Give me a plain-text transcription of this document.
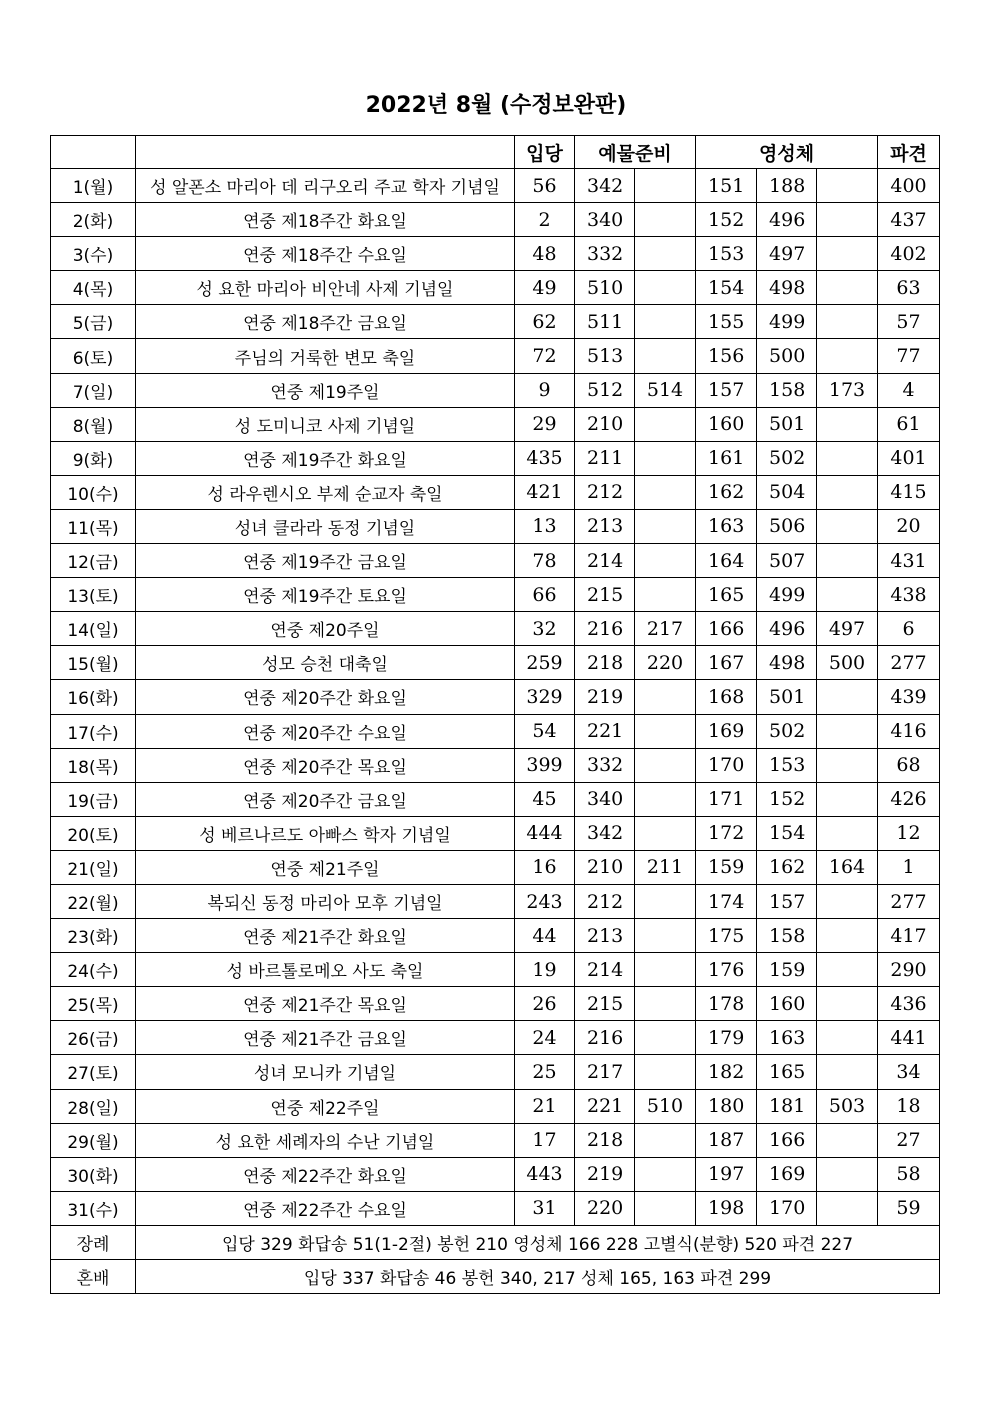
2022년 8월 (수정보완판)
		입당	예물준비		영성체			파견
1(월)	성 알폰소 마리아 데 리구오리 주교 학자 기념일	56	342		151	188		400
2(화)	연중 제18주간 화요일	2	340		152	496		437
3(수)	연중 제18주간 수요일	48	332		153	497		402
4(목)	성 요한 마리아 비안네 사제 기념일	49	510		154	498		63
5(금)	연중 제18주간 금요일	62	511		155	499		57
6(토)	주님의 거룩한 변모 축일	72	513		156	500		77
7(일)	연중 제19주일	9	512	514	157	158	173	4
8(월)	성 도미니코 사제 기념일	29	210		160	501		61
9(화)	연중 제19주간 화요일	435	211		161	502		401
10(수)	성 라우렌시오 부제 순교자 축일	421	212		162	504		415
11(목)	성녀 클라라 동정 기념일	13	213		163	506		20
12(금)	연중 제19주간 금요일	78	214		164	507		431
13(토)	연중 제19주간 토요일	66	215		165	499		438
14(일)	연중 제20주일	32	216	217	166	496	497	6
15(월)	성모 승천 대축일	259	218	220	167	498	500	277
16(화)	연중 제20주간 화요일	329	219		168	501		439
17(수)	연중 제20주간 수요일	54	221		169	502		416
18(목)	연중 제20주간 목요일	399	332		170	153		68
19(금)	연중 제20주간 금요일	45	340		171	152		426
20(토)	성 베르나르도 아빠스 학자 기념일	444	342		172	154		12
21(일)	연중 제21주일	16	210	211	159	162	164	1
22(월)	복되신 동정 마리아 모후 기념일	243	212		174	157		277
23(화)	연중 제21주간 화요일	44	213		175	158		417
24(수)	성 바르톨로메오 사도 축일	19	214		176	159		290
25(목)	연중 제21주간 목요일	26	215		178	160		436
26(금)	연중 제21주간 금요일	24	216		179	163		441
27(토)	성녀 모니카 기념일	25	217		182	165		34
28(일)	연중 제22주일	21	221	510	180	181	503	18
29(월)	성 요한 세례자의 수난 기념일	17	218		187	166		27
30(화)	연중 제22주간 화요일	443	219		197	169		58
31(수)	연중 제22주간 수요일	31	220		198	170		59
장례	입당 329 화답송 51(1-2절) 봉헌 210 영성체 166 228 고별식(분향) 520 파견 227							
혼배	입당 337 화답송 46 봉헌 340, 217 성체 165, 163 파견 299							
